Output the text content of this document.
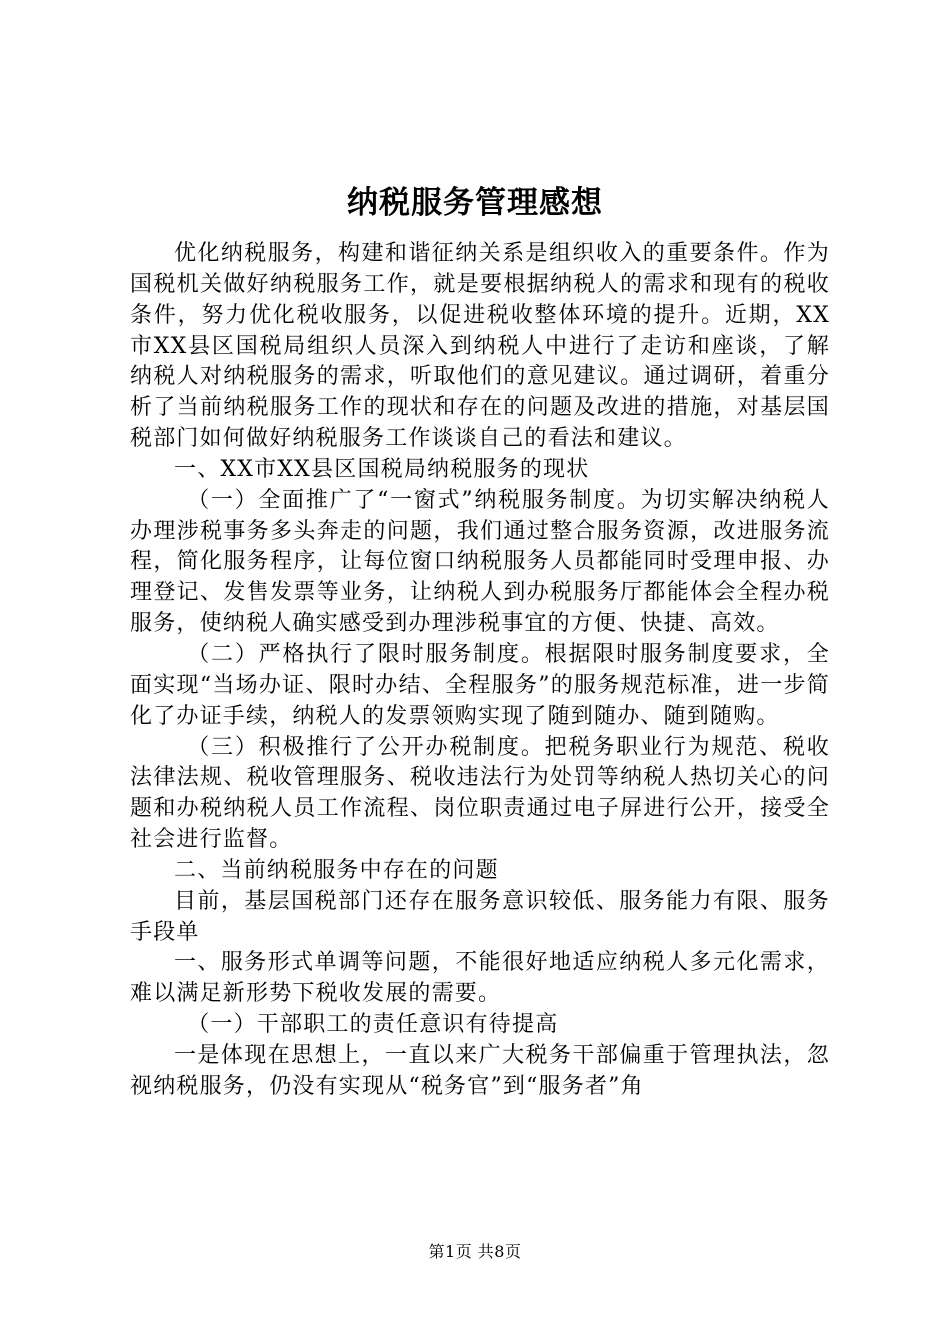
纳税服务管理感想

优化纳税服务，构建和谐征纳关系是组织收入的重要条件。作为国税机关做好纳税服务工作，就是要根据纳税人的需求和现有的税收条件，努力优化税收服务，以促进税收整体环境的提升。近期，XX市XX县区国税局组织人员深入到纳税人中进行了走访和座谈，了解纳税人对纳税服务的需求，听取他们的意见建议。通过调研，着重分析了当前纳税服务工作的现状和存在的问题及改进的措施，对基层国税部门如何做好纳税服务工作谈谈自己的看法和建议。

一、XX市XX县区国税局纳税服务的现状

（一）全面推广了“一窗式”纳税服务制度。为切实解决纳税人办理涉税事务多头奔走的问题，我们通过整合服务资源，改进服务流程，简化服务程序，让每位窗口纳税服务人员都能同时受理申报、办理登记、发售发票等业务，让纳税人到办税服务厅都能体会全程办税服务，使纳税人确实感受到办理涉税事宜的方便、快捷、高效。

（二）严格执行了限时服务制度。根据限时服务制度要求，全面实现“当场办证、限时办结、全程服务”的服务规范标准，进一步简化了办证手续，纳税人的发票领购实现了随到随办、随到随购。

（三）积极推行了公开办税制度。把税务职业行为规范、税收法律法规、税收管理服务、税收违法行为处罚等纳税人热切关心的问题和办税纳税人员工作流程、岗位职责通过电子屏进行公开，接受全社会进行监督。

二、当前纳税服务中存在的问题

目前，基层国税部门还存在服务意识较低、服务能力有限、服务手段单

一、服务形式单调等问题，不能很好地适应纳税人多元化需求，难以满足新形势下税收发展的需要。

（一）干部职工的责任意识有待提高

一是体现在思想上，一直以来广大税务干部偏重于管理执法，忽视纳税服务，仍没有实现从“税务官”到“服务者”角

第1页 共8页
